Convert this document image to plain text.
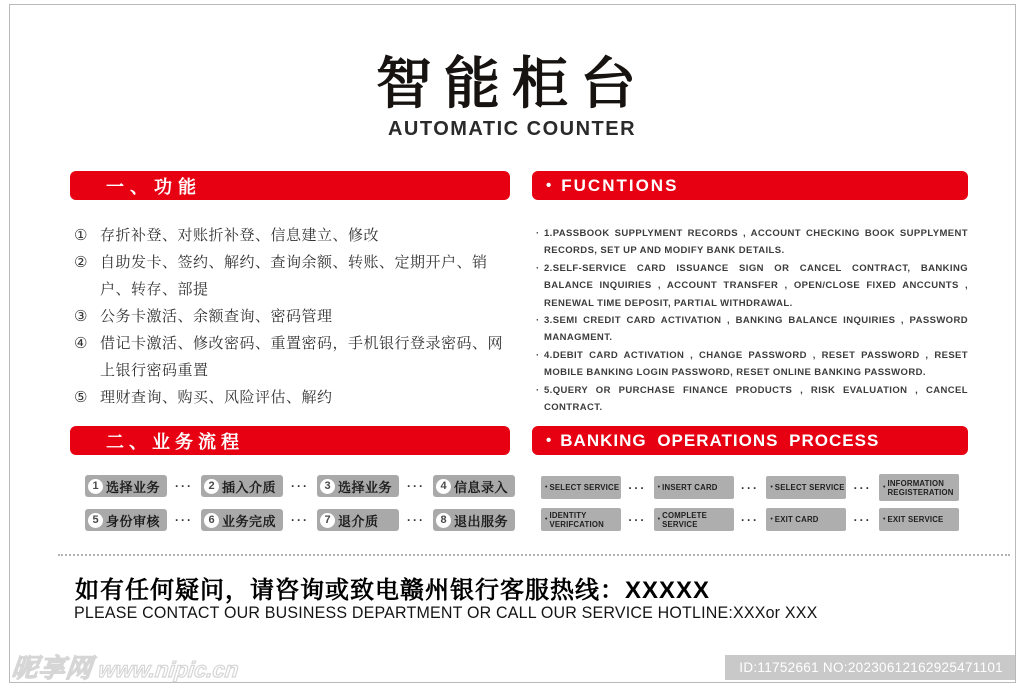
智能柜台
AUTOMATIC COUNTER
一、功能	• FUCNTIONS
二、业务流程	• BANKING OPERATIONS PROCESS
① 存折补登、对账折补登、信息建立、修改
② 自助发卡、签约、解约、查询余额、转账、定期开户、销户、转存、部提
③ 公务卡激活、余额查询、密码管理
④ 借记卡激活、修改密码、重置密码，手机银行登录密码、网上银行密码重置
⑤ 理财查询、购买、风险评估、解约

· 1.PASSBOOK SUPPLYMENT RECORDS , ACCOUNT CHECKING BOOK SUPPLYMENT RECORDS, SET UP AND MODIFY BANK DETAILS.

· 2.SELF-SERVICE CARD ISSUANCE SIGN OR CANCEL CONTRACT, BANKING BALANCE INQUIRIES , ACCOUNT TRANSFER , OPEN/CLOSE FIXED ANCCUNTS , RENEWAL TIME DEPOSIT, PARTIAL WITHDRAWAL.

· 3.SEMI CREDIT CARD ACTIVATION , BANKING BALANCE INQUIRIES , PASSWORD MANAGMENT.

· 4.DEBIT CARD ACTIVATION , CHANGE PASSWORD , RESET PASSWORD , RESET MOBILE BANKING LOGIN PASSWORD, RESET ONLINE BANKING PASSWORD.

· 5.QUERY OR PURCHASE FINANCE PRODUCTS , RISK EVALUATION , CANCEL CONTRACT.

1 选择业务	···	2 插入介质	···	3 选择业务	···	4 信息录入
5 身份审核	···	6 业务完成	···	7 退介质	···	8 退出服务
• SELECT SERVICE ···	• INSERT CARD	···	• SELECT SERVICE ···	• INFORMATION REGISTERATION
• IDENTITY VERIFCATION	···	• COMPLETE SERVICE	···	• EXIT CARD	···	• EXIT SERVICE
如有任何疑问，请咨询或致电赣州银行客服热线：XXXXX
PLEASE CONTACT OUR BUSINESS DEPARTMENT OR CALL OUR SERVICE HOTLINE:XXXor XXX
昵享网 www.nipic.cn	ID:11752661 NO:20230612162925471101
